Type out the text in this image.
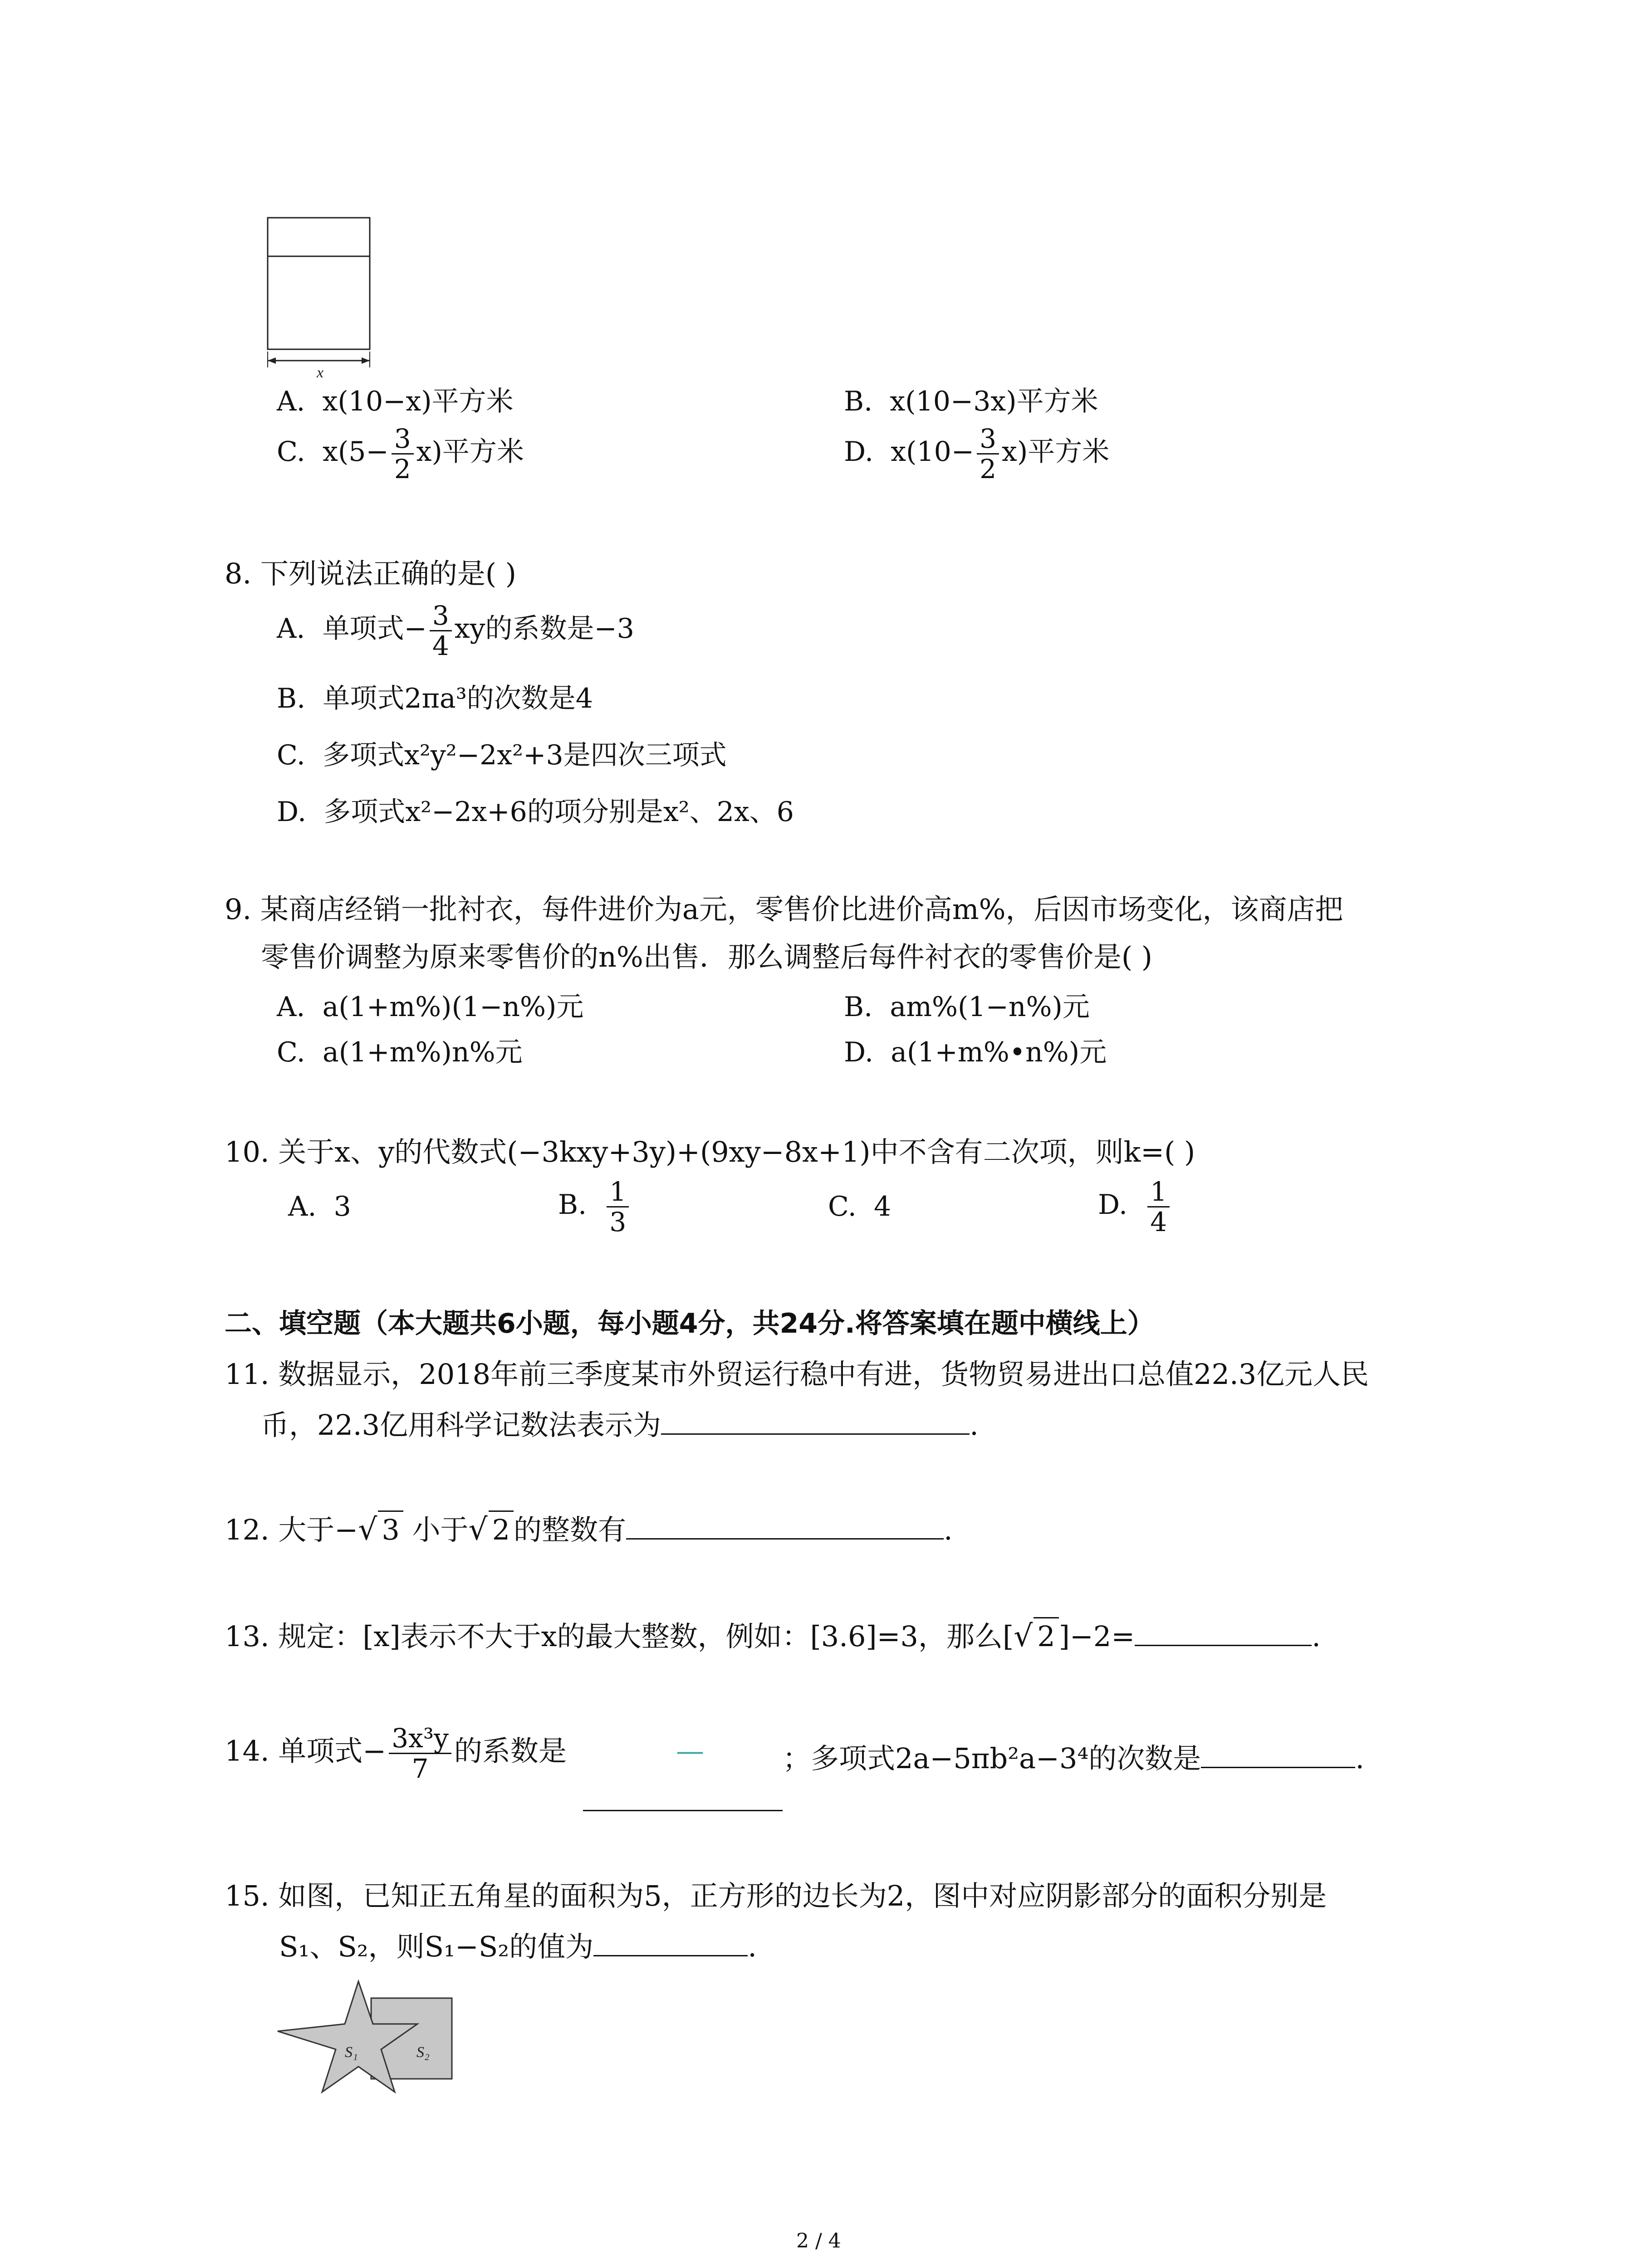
x
A. x(10−x)平方米	B. x(10−3x)平方米
C. $x(5- \frac{3}{2} x)$平方米	D. $x(10- \frac{3}{2} x)$平方米
8. 下列说法正确的是( )
A. 单项式− $\frac{3}{4}$ xy的系数是−3
B. 单项式2πa³的次数是4
C. 多项式x²y²−2x²+3是四次三项式
D. 多项式x²−2x+6的项分别是x²、2x、6
9. 某商店经销一批衬衣，每件进价为a元，零售价比进价高m%，后因市场变化，该商店把
零售价调整为原来零售价的n%出售．那么调整后每件衬衣的零售价是( )
A. a(1+m%)(1−n%)元	B. am%(1−n%)元
C. a(1+m%)n%元	D. a(1+m%•n%)元
10. 关于x、y的代数式(−3kxy+3y)+(9xy−8x+1)中不含有二次项，则k=( )
A. 3	B. $\frac{1}{3}$	C. 4	D. $\frac{1}{4}$
二、填空题（本大题共6小题，每小题4分，共24分.将答案填在题中横线上）
11. 数据显示，2018年前三季度某市外贸运行稳中有进，货物贸易进出口总值22.3亿元人民
币，22.3亿用科学记数法表示为	.
12. 大于−√ 3 小于√ 2 的整数有	.
13. 规定：[x]表示不大于x的最大整数，例如：[3.6]=3，那么[√ 2 ]−2=	.
14. 单项式− $\frac{\text{3x³y}}{7}$ 的系数是	—	；多项式2a−5πb²a−3⁴的次数是	.
15. 如图，已知正五角星的面积为5，正方形的边长为2，图中对应阴影部分的面积分别是
S₁、S₂，则S₁−S₂的值为	.
S₁	S₂
2 / 4
